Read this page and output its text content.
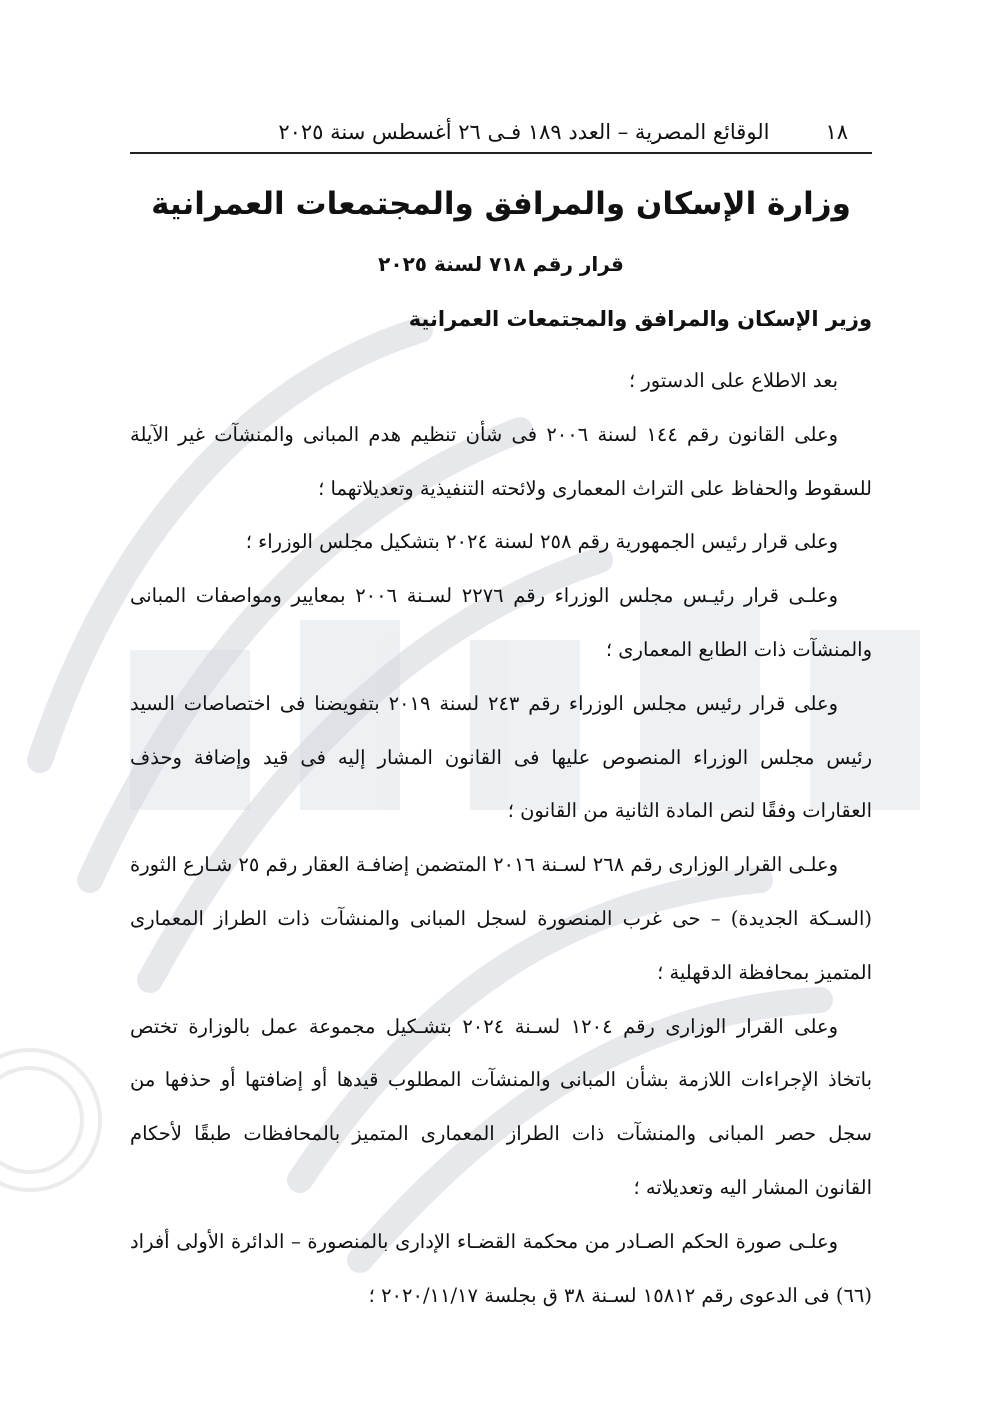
١٨
الوقائع المصرية – العدد ١٨٩ فـى ٢٦ أغسطس سنة ٢٠٢٥
وزارة الإسكان والمرافق والمجتمعات العمرانية
قرار رقم ٧١٨ لسنة ٢٠٢٥
وزير الإسكان والمرافق والمجتمعات العمرانية

بعد الاطلاع على الدستور ؛

وعلى القانون رقم ١٤٤ لسنة ٢٠٠٦ فى شأن تنظيم هدم المبانى والمنشآت غير الآيلة للسقوط والحفاظ على التراث المعمارى ولائحته التنفيذية وتعديلاتهما ؛

وعلى قرار رئيس الجمهورية رقم ٢٥٨ لسنة ٢٠٢٤ بتشكيل مجلس الوزراء ؛

وعلـى قرار رئيـس مجلس الوزراء رقم ٢٢٧٦ لسـنة ٢٠٠٦ بمعايير ومواصفات المبانى والمنشآت ذات الطابع المعمارى ؛

وعلى قرار رئيس مجلس الوزراء رقم ٢٤٣ لسنة ٢٠١٩ بتفويضنا فى اختصاصات السيد رئيس مجلس الوزراء المنصوص عليها فى القانون المشار إليه فى قيد وإضافة وحذف العقارات وفقًا لنص المادة الثانية من القانون ؛

وعلـى القرار الوزارى رقم ٢٦٨ لسـنة ٢٠١٦ المتضمن إضافـة العقار رقم ٢٥ شـارع الثورة (السـكة الجديدة) – حى غرب المنصورة لسجل المبانى والمنشآت ذات الطراز المعمارى المتميز بمحافظة الدقهلية ؛

وعلى القرار الوزارى رقم ١٢٠٤ لسـنة ٢٠٢٤ بتشـكيل مجموعة عمل بالوزارة تختص باتخاذ الإجراءات اللازمة بشأن المبانى والمنشآت المطلوب قيدها أو إضافتها أو حذفها من سجل حصر المبانى والمنشآت ذات الطراز المعمارى المتميز بالمحافظات طبقًا لأحكام القانون المشار اليه وتعديلاته ؛

وعلـى صورة الحكم الصـادر من محكمة القضـاء الإدارى بالمنصورة – الدائرة الأولى أفراد (٦٦) فى الدعوى رقم ١٥٨١٢ لسـنة ٣٨ ق بجلسة ٢٠٢٠/١١/١٧ ؛
